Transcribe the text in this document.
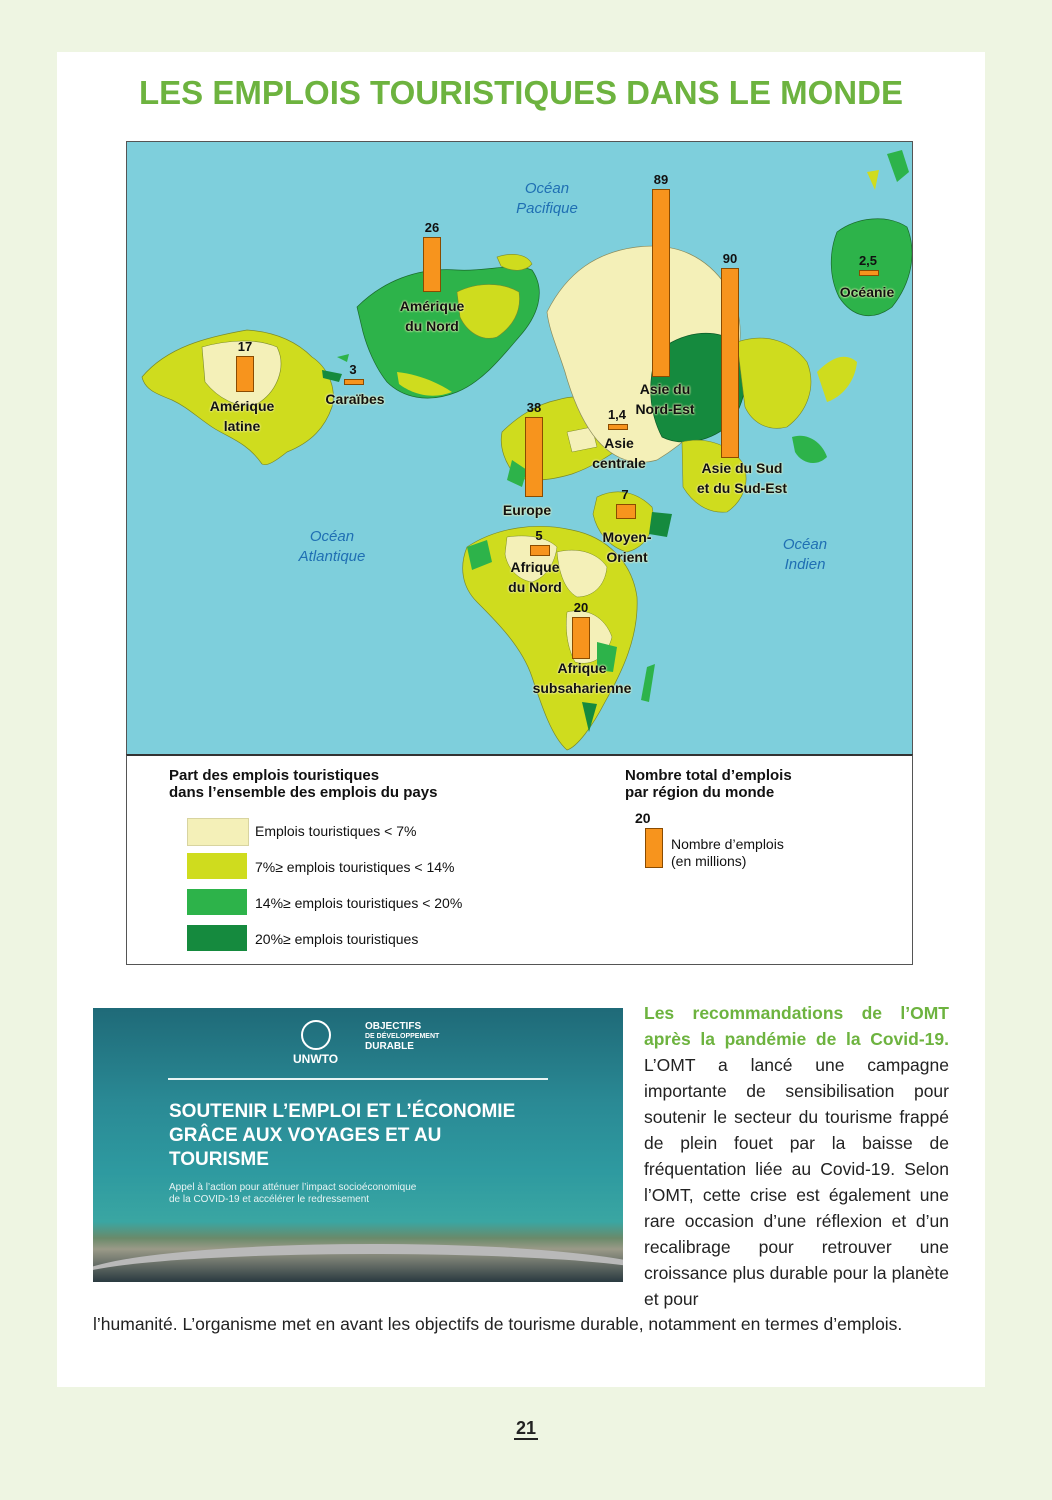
LES EMPLOIS TOURISTIQUES DANS LE MONDE
Océan
Pacifique
Océan
Atlantique
Océan
Indien
26
Amérique
du Nord
17
Amérique
latine
3
Caraïbes
38
Europe
1,4
Asie
centrale
89
Asie du
Nord-Est
90
Asie du Sud
et du Sud-Est
2,5
Océanie
7
Moyen-
Orient
5
Afrique
du Nord
20
Afrique
subsaharienne
Part des emplois touristiques
dans l’ensemble des emplois du pays
Emplois touristiques < 7%
7%≥ emplois touristiques < 14%
14%≥ emplois touristiques < 20%
20%≥ emplois touristiques
Nombre total d’emplois
par région du monde
20
Nombre d’emplois
(en millions)
UNWTO
OBJECTIFS
DE DÉVELOPPEMENT
DURABLE
SOUTENIR L’EMPLOI ET L’ÉCONOMIE
GRÂCE AUX VOYAGES ET AU
TOURISME
Appel à l’action pour atténuer l’impact socioéconomique
de la COVID-19 et accélérer le redressement
Les recommandations de l’OMT après la pandémie de la Covid-19. L’OMT a lancé une campagne importante de sensibilisation pour soutenir le secteur du tourisme frappé de plein fouet par la baisse de fréquentation liée au Covid-19. Selon l’OMT, cette crise est également une rare occasion d’une réflexion et d’un recalibrage pour retrouver une croissance plus durable pour la planète et pour
l’humanité. L’organisme met en avant les objectifs de tourisme durable, notamment en termes d’emplois.
21
